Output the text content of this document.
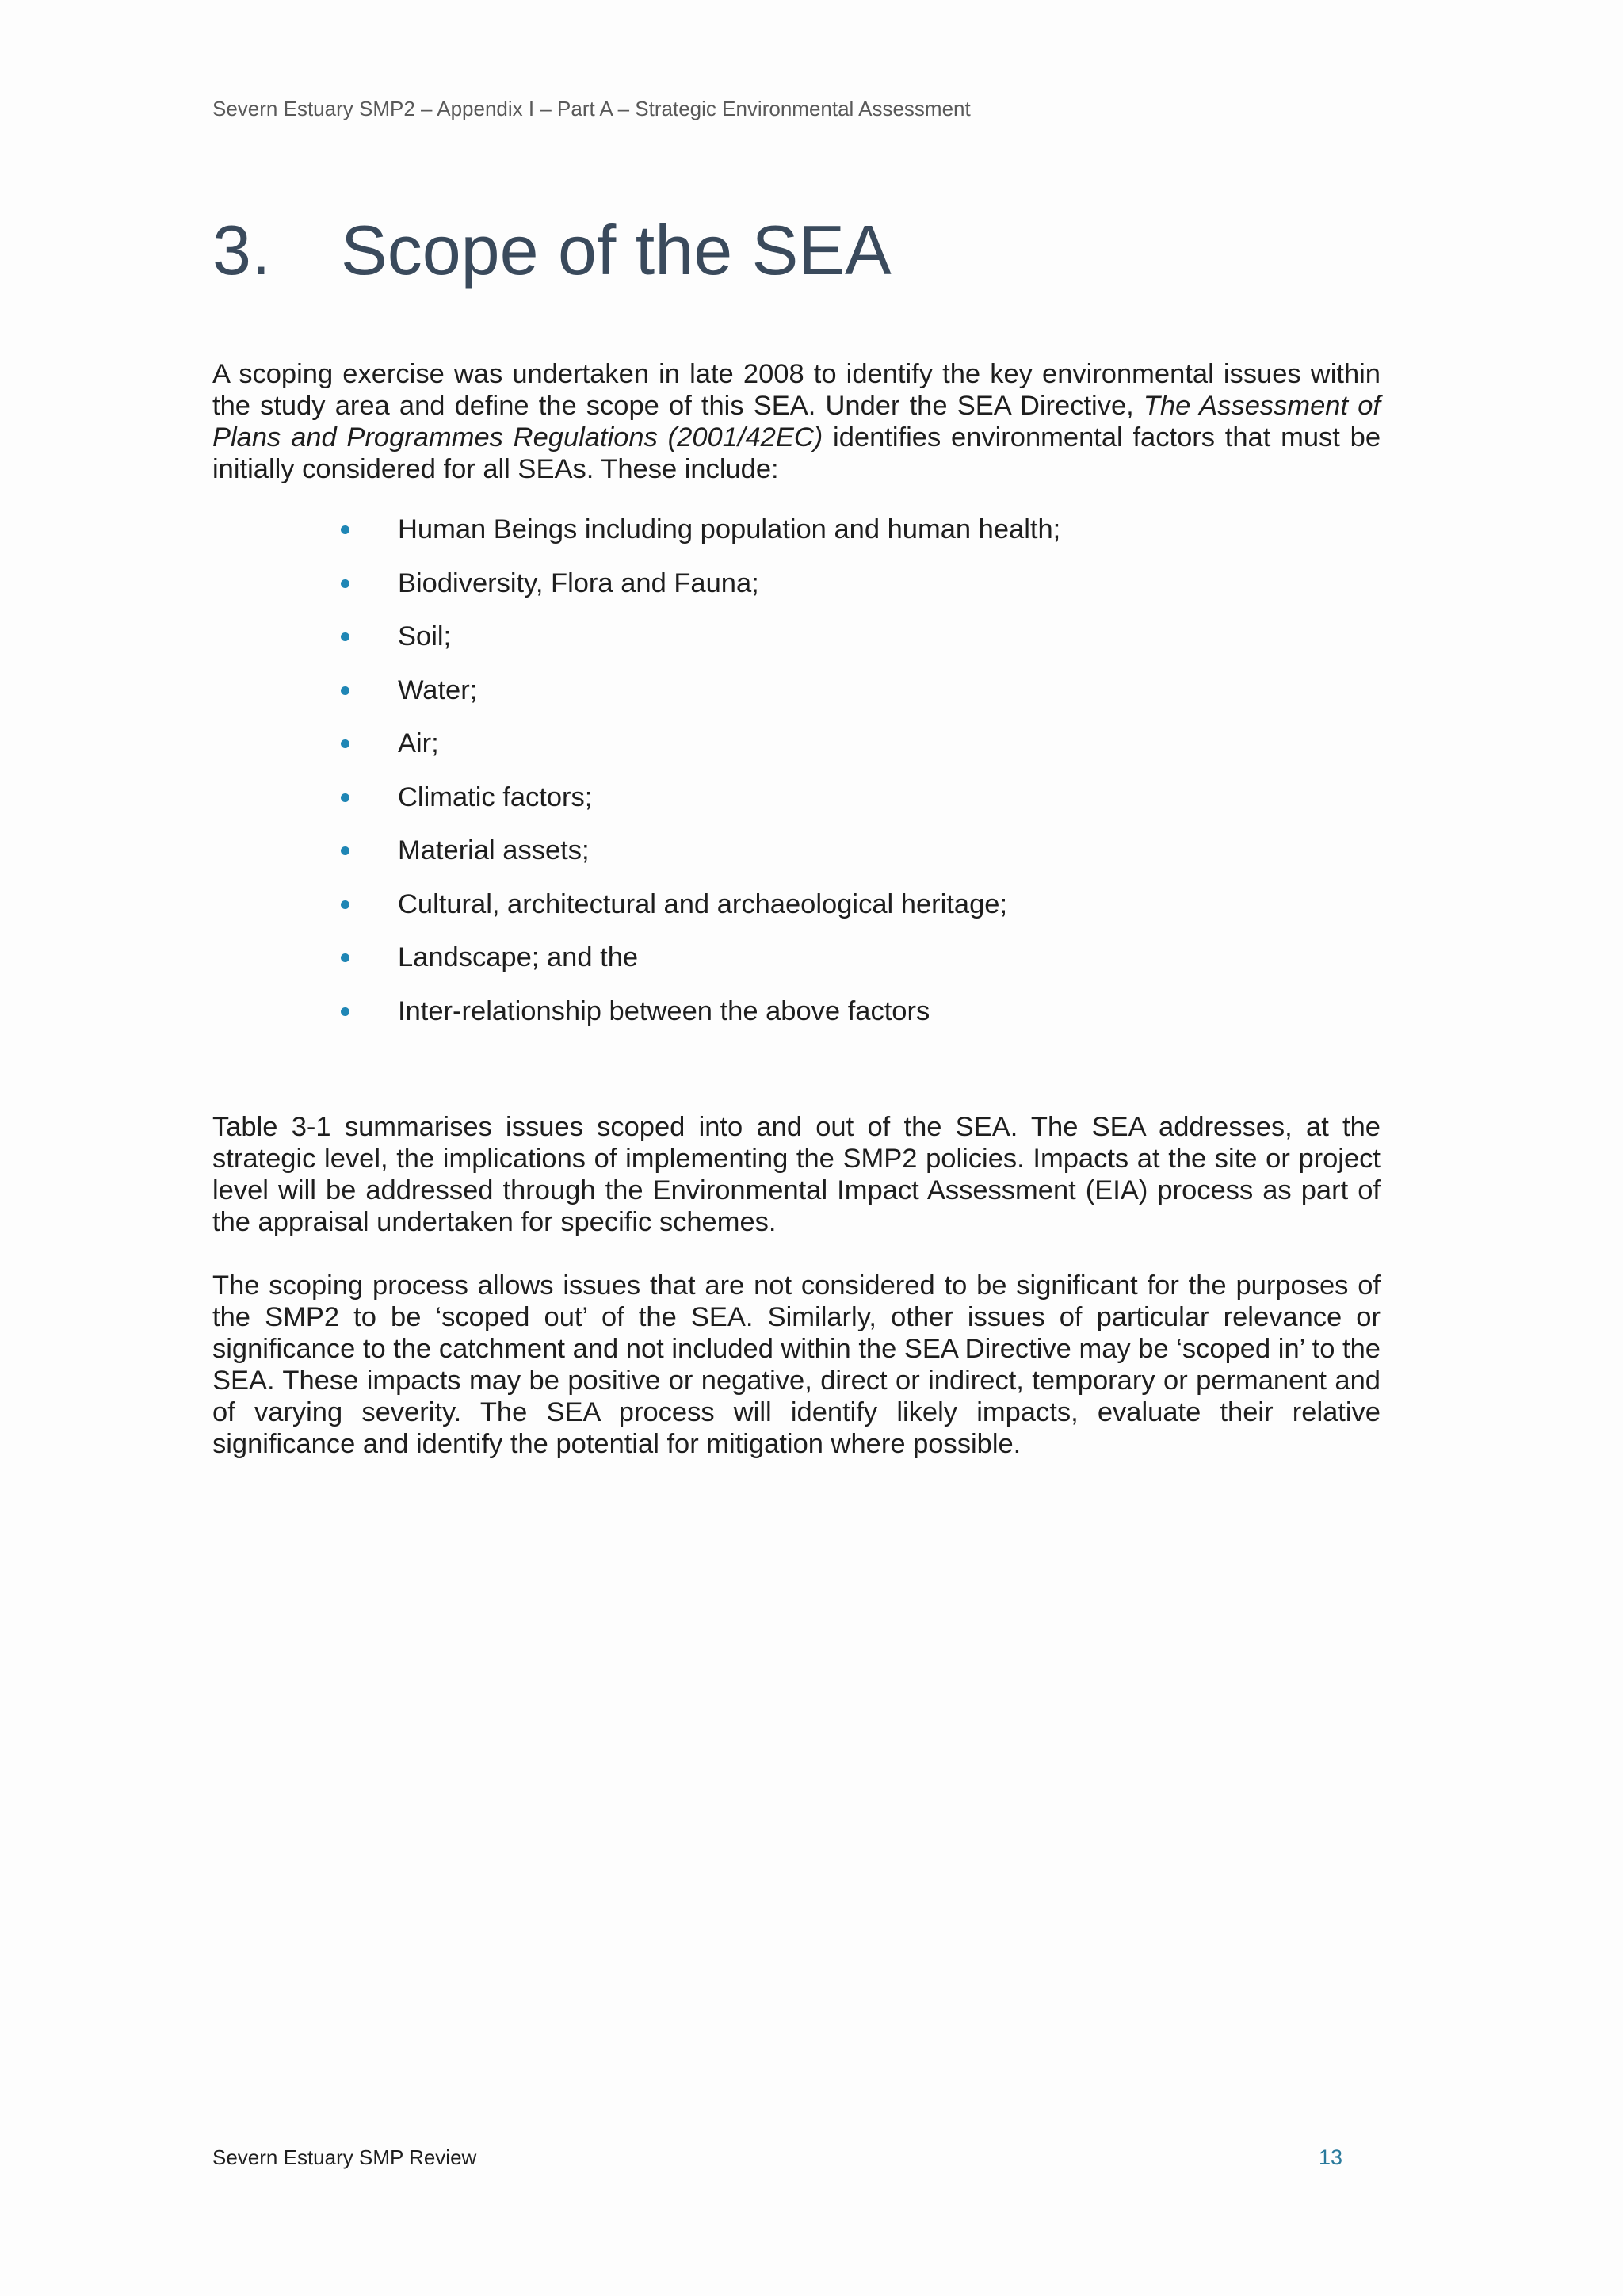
Severn Estuary SMP2 – Appendix I – Part A – Strategic Environmental Assessment
3. Scope of the SEA

A scoping exercise was undertaken in late 2008 to identify the key environmental issues within the study area and define the scope of this SEA. Under the SEA Directive, The Assessment of Plans and Programmes Regulations (2001/42EC) identifies environmental factors that must be initially considered for all SEAs. These include:

Human Beings including population and human health;
Biodiversity, Flora and Fauna;
Soil;
Water;
Air;
Climatic factors;
Material assets;
Cultural, architectural and archaeological heritage;
Landscape; and the
Inter-relationship between the above factors

Table 3-1 summarises issues scoped into and out of the SEA. The SEA addresses, at the strategic level, the implications of implementing the SMP2 policies. Impacts at the site or project level will be addressed through the Environmental Impact Assessment (EIA) process as part of the appraisal undertaken for specific schemes.

The scoping process allows issues that are not considered to be significant for the purposes of the SMP2 to be ‘scoped out’ of the SEA. Similarly, other issues of particular relevance or significance to the catchment and not included within the SEA Directive may be ‘scoped in’ to the SEA. These impacts may be positive or negative, direct or indirect, temporary or permanent and of varying severity. The SEA process will identify likely impacts, evaluate their relative significance and identify the potential for mitigation where possible.

Severn Estuary SMP Review	13
